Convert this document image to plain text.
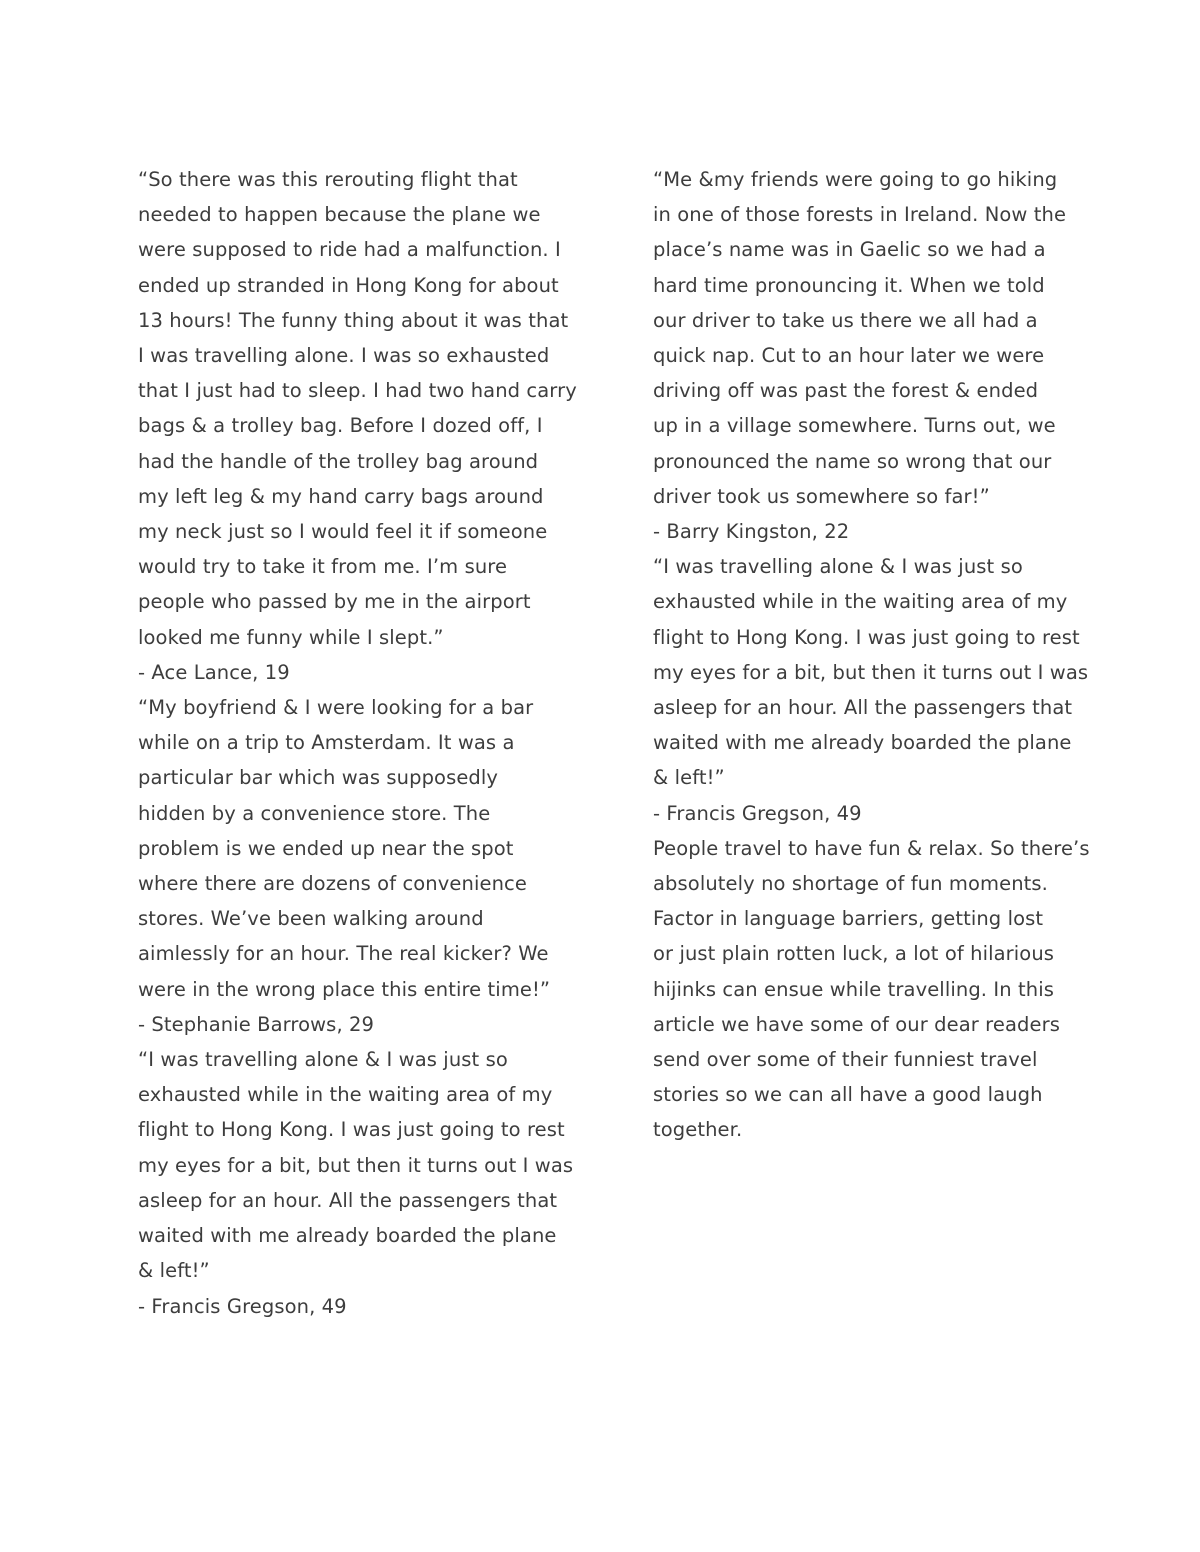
“So there was this rerouting flight that
needed to happen because the plane we
were supposed to ride had a malfunction. I
ended up stranded in Hong Kong for about
13 hours! The funny thing about it was that
I was travelling alone. I was so exhausted
that I just had to sleep. I had two hand carry
bags & a trolley bag. Before I dozed off, I
had the handle of the trolley bag around
my left leg & my hand carry bags around
my neck just so I would feel it if someone
would try to take it from me. I’m sure
people who passed by me in the airport
looked me funny while I slept.”
- Ace Lance, 19
“My boyfriend & I were looking for a bar
while on a trip to Amsterdam. It was a
particular bar which was supposedly
hidden by a convenience store. The
problem is we ended up near the spot
where there are dozens of convenience
stores. We’ve been walking around
aimlessly for an hour. The real kicker? We
were in the wrong place this entire time!”
- Stephanie Barrows, 29
“I was travelling alone & I was just so
exhausted while in the waiting area of my
flight to Hong Kong. I was just going to rest
my eyes for a bit, but then it turns out I was
asleep for an hour. All the passengers that
waited with me already boarded the plane
& left!”
- Francis Gregson, 49
“Me &my friends were going to go hiking
in one of those forests in Ireland. Now the
place’s name was in Gaelic so we had a
hard time pronouncing it. When we told
our driver to take us there we all had a
quick nap. Cut to an hour later we were
driving off was past the forest & ended
up in a village somewhere. Turns out, we
pronounced the name so wrong that our
driver took us somewhere so far!”
- Barry Kingston, 22
“I was travelling alone & I was just so
exhausted while in the waiting area of my
flight to Hong Kong. I was just going to rest
my eyes for a bit, but then it turns out I was
asleep for an hour. All the passengers that
waited with me already boarded the plane
& left!”
- Francis Gregson, 49
People travel to have fun & relax. So there’s
absolutely no shortage of fun moments.
Factor in language barriers, getting lost
or just plain rotten luck, a lot of hilarious
hijinks can ensue while travelling. In this
article we have some of our dear readers
send over some of their funniest travel
stories so we can all have a good laugh
together.
